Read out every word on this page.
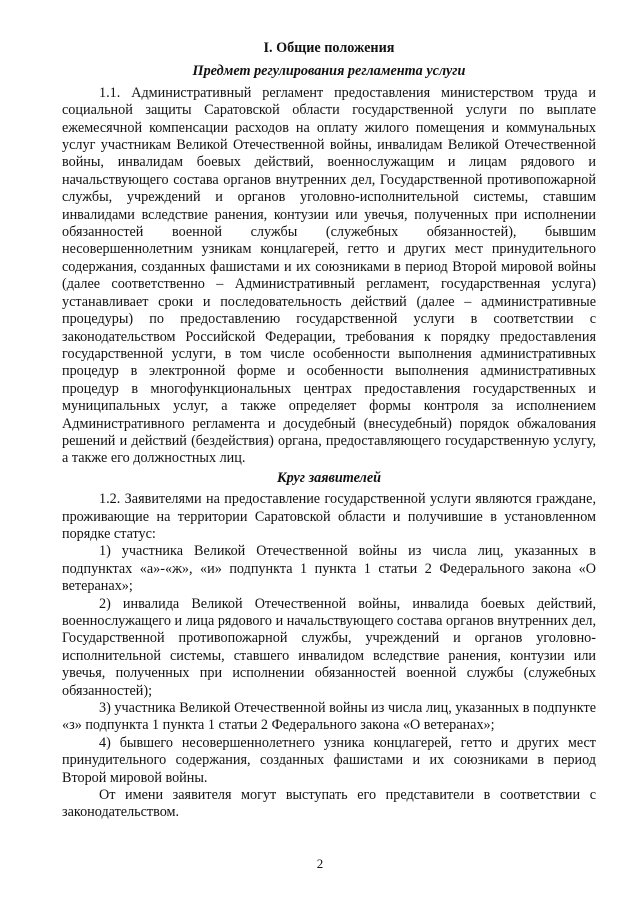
I. Общие положения
Предмет регулирования регламента услуги

1.1. Административный регламент предоставления министерством труда и социальной защиты Саратовской области государственной услуги по выплате ежемесячной компенсации расходов на оплату жилого помещения и коммунальных услуг участникам Великой Отечественной войны, инвалидам Великой Отечественной войны, инвалидам боевых действий, военнослужащим и лицам рядового и начальствующего состава органов внутренних дел, Государственной противопожарной службы, учреждений и органов уголовно-исполнительной системы, ставшим инвалидами вследствие ранения, контузии или увечья, полученных при исполнении обязанностей военной службы (служебных обязанностей), бывшим несовершеннолетним узникам концлагерей, гетто и других мест принудительного содержания, созданных фашистами и их союзниками в период Второй мировой войны (далее соответственно – Административный регламент, государственная услуга) устанавливает сроки и последовательность действий (далее – административные процедуры) по предоставлению государственной услуги в соответствии с законодательством Российской Федерации, требования к порядку предоставления государственной услуги, в том числе особенности выполнения административных процедур в электронной форме и особенности выполнения административных процедур в многофункциональных центрах предоставления государственных и муниципальных услуг, а также определяет формы контроля за исполнением Административного регламента и досудебный (внесудебный) порядок обжалования решений и действий (бездействия) органа, предоставляющего государственную услугу, а также его должностных лиц.

Круг заявителей

1.2. Заявителями на предоставление государственной услуги являются граждане, проживающие на территории Саратовской области и получившие в установленном порядке статус:

1) участника Великой Отечественной войны из числа лиц, указанных в подпунктах «а»-«ж», «и» подпункта 1 пункта 1 статьи 2 Федерального закона «О ветеранах»;

2) инвалида Великой Отечественной войны, инвалида боевых действий, военнослужащего и лица рядового и начальствующего состава органов внутренних дел, Государственной противопожарной службы, учреждений и органов уголовно-исполнительной системы, ставшего инвалидом вследствие ранения, контузии или увечья, полученных при исполнении обязанностей военной службы (служебных обязанностей);

3) участника Великой Отечественной войны из числа лиц, указанных в подпункте «з» подпункта 1 пункта 1 статьи 2 Федерального закона «О ветеранах»;

4) бывшего несовершеннолетнего узника концлагерей, гетто и других мест принудительного содержания, созданных фашистами и их союзниками в период Второй мировой войны.

От имени заявителя могут выступать его представители в соответствии с законодательством.

2
